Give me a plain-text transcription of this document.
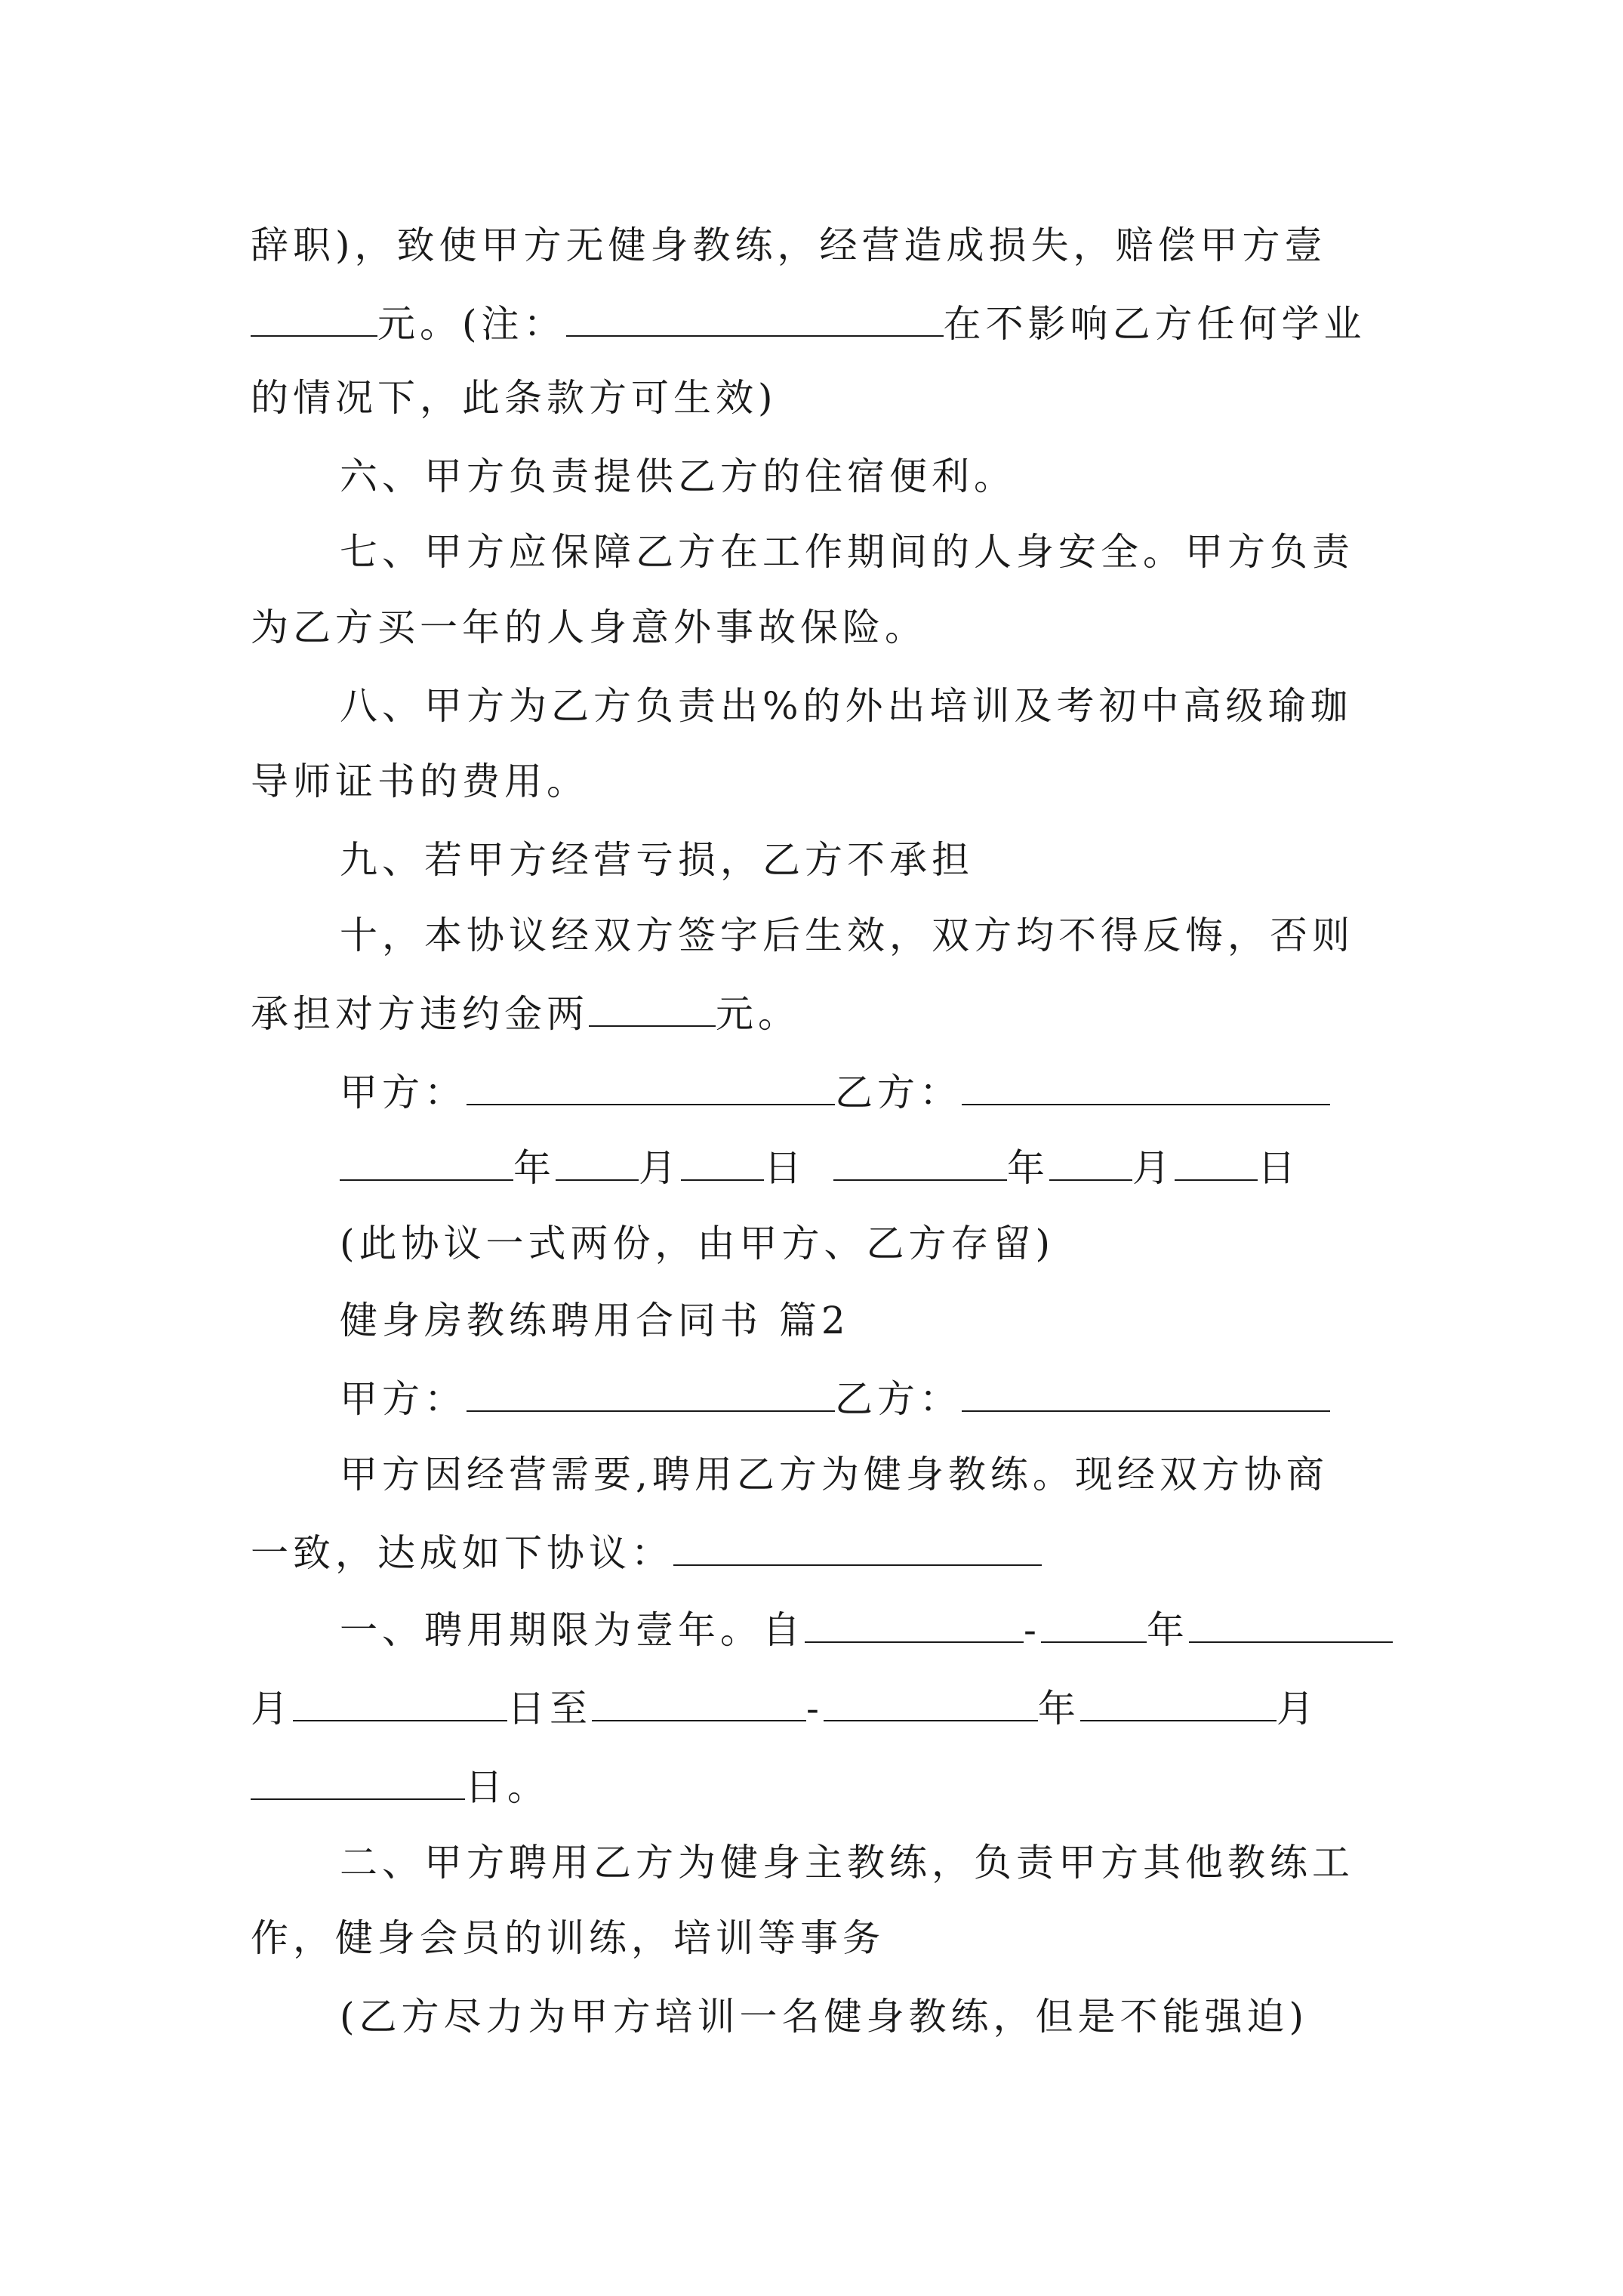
辞职)，致使甲方无健身教练，经营造成损失，赔偿甲方壹
元。(注：	在不影响乙方任何学业
的情况下，此条款方可生效)
六、甲方负责提供乙方的住宿便利。
七、甲方应保障乙方在工作期间的人身安全。甲方负责
为乙方买一年的人身意外事故保险。
八、甲方为乙方负责出%的外出培训及考初中高级瑜珈
导师证书的费用。
九、若甲方经营亏损，乙方不承担
十，本协议经双方签字后生效，双方均不得反悔，否则
承担对方违约金两	元。
甲方：	乙方：
年 月 日	年 月 日
(此协议一式两份，由甲方、乙方存留)
健身房教练聘用合同书 篇2
甲方：	乙方：
甲方因经营需要,聘用乙方为健身教练。现经双方协商
一致，达成如下协议：
一、聘用期限为壹年。自	-	年
月	日至	-	年	月
日。
二、甲方聘用乙方为健身主教练，负责甲方其他教练工
作，健身会员的训练，培训等事务
(乙方尽力为甲方培训一名健身教练，但是不能强迫)
